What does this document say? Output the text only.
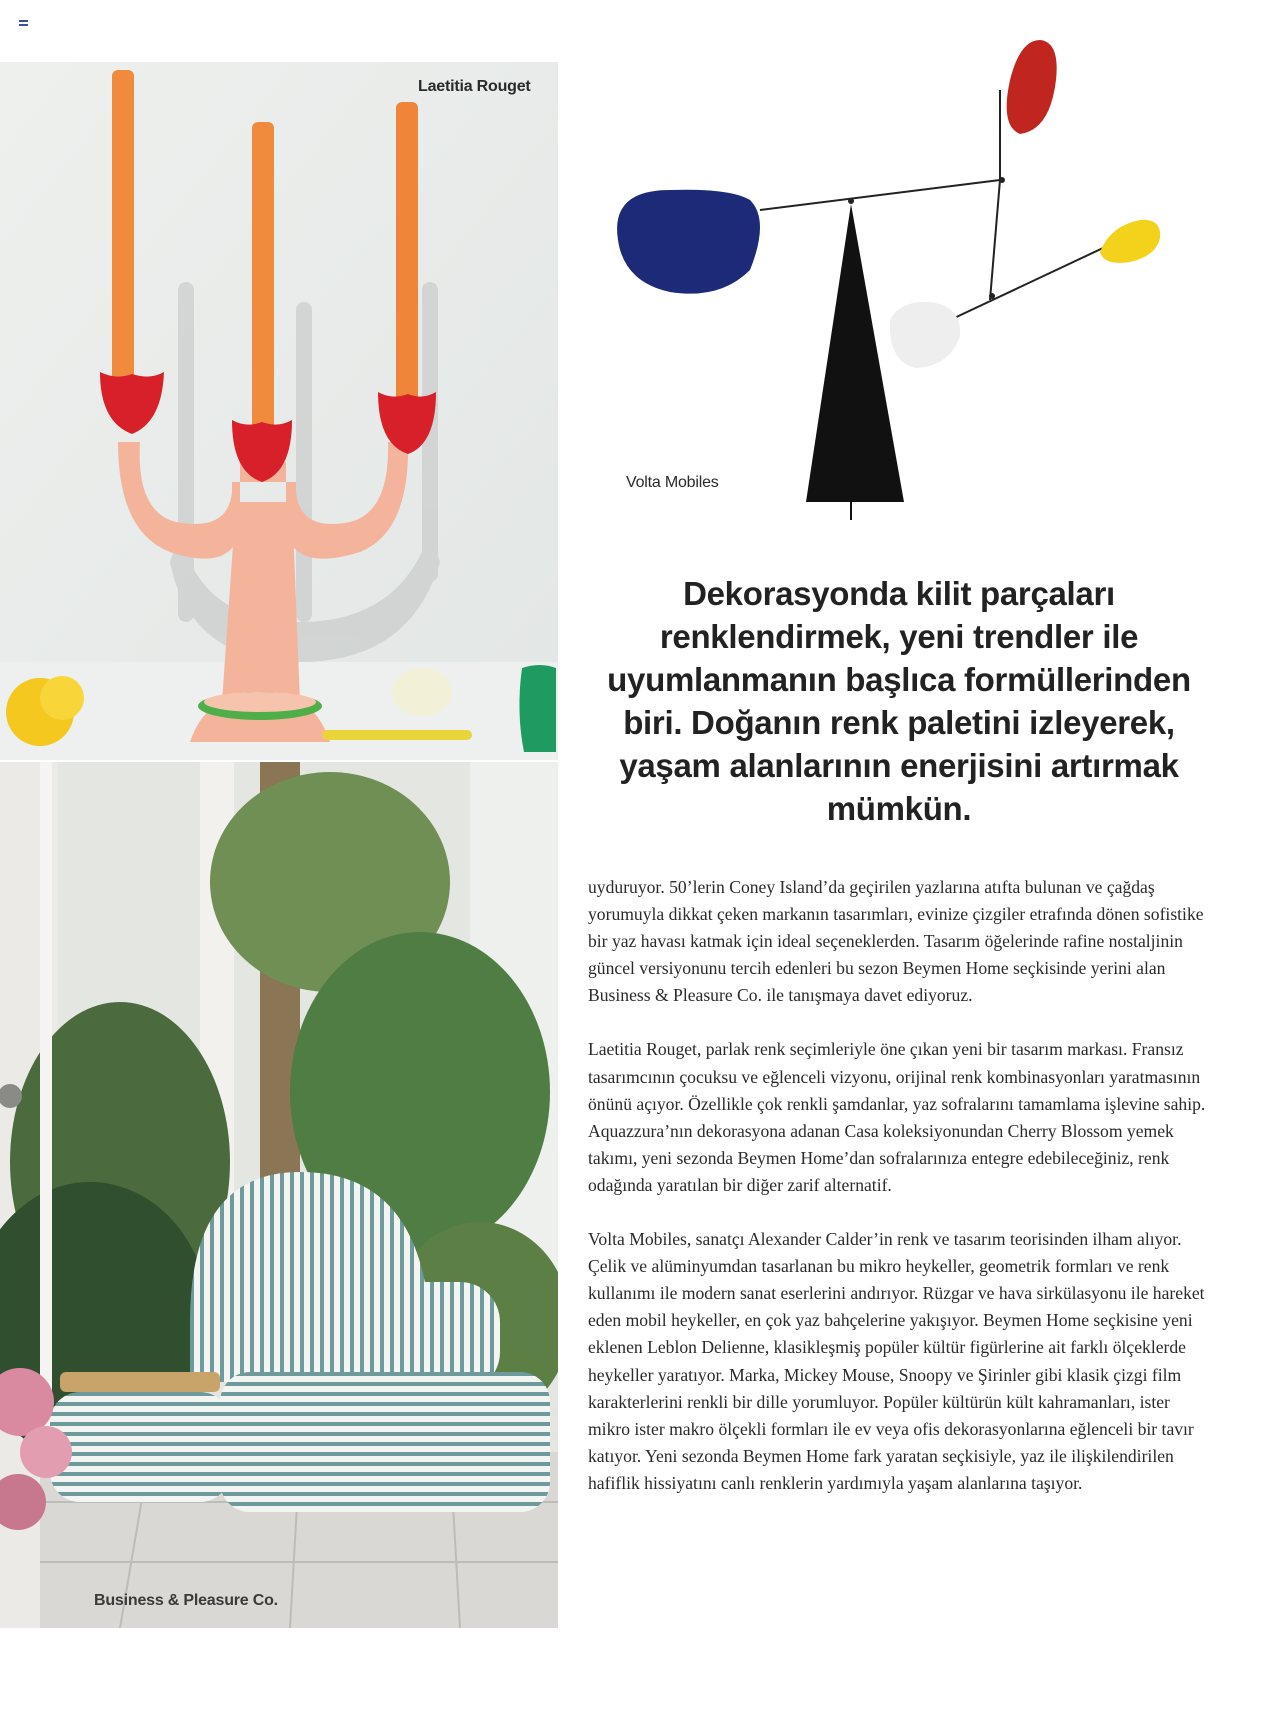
Laetitia Rouget
Business & Pleasure Co.
Volta Mobiles
Dekorasyonda kilit parçaları renklendirmek, yeni trendler ile uyumlanmanın başlıca formüllerinden biri. Doğanın renk paletini izleyerek, yaşam alanlarının enerjisini artırmak mümkün.

uyduruyor. 50’lerin Coney Island’da geçirilen yazlarına atıfta bulunan ve çağdaş yorumuyla dikkat çeken markanın tasarımları, evinize çizgiler etrafında dönen sofistike bir yaz havası katmak için ideal seçeneklerden. Tasarım öğelerinde rafine nostaljinin güncel versiyonunu tercih edenleri bu sezon Beymen Home seçkisinde yerini alan Business & Pleasure Co. ile tanışmaya davet ediyoruz.

Laetitia Rouget, parlak renk seçimleriyle öne çıkan yeni bir tasarım markası. Fransız tasarımcının çocuksu ve eğlenceli vizyonu, orijinal renk kombinasyonları yaratmasının önünü açıyor. Özellikle çok renkli şamdanlar, yaz sofralarını tamamlama işlevine sahip. Aquazzura’nın dekorasyona adanan Casa koleksiyonundan Cherry Blossom yemek takımı, yeni sezonda Beymen Home’dan sofralarınıza entegre edebileceğiniz, renk odağında yaratılan bir diğer zarif alternatif.

Volta Mobiles, sanatçı Alexander Calder’in renk ve tasarım teorisinden ilham alıyor. Çelik ve alüminyumdan tasarlanan bu mikro heykeller, geometrik formları ve renk kullanımı ile modern sanat eserlerini andırıyor. Rüzgar ve hava sirkülasyonu ile hareket eden mobil heykeller, en çok yaz bahçelerine yakışıyor. Beymen Home seçkisine yeni eklenen Leblon Delienne, klasikleşmiş popüler kültür figürlerine ait farklı ölçeklerde heykeller yaratıyor. Marka, Mickey Mouse, Snoopy ve Şirinler gibi klasik çizgi film karakterlerini renkli bir dille yorumluyor. Popüler kültürün kült kahramanları, ister mikro ister makro ölçekli formları ile ev veya ofis dekorasyonlarına eğlenceli bir tavır katıyor. Yeni sezonda Beymen Home fark yaratan seçkisiyle, yaz ile ilişkilendirilen hafiflik hissiyatını canlı renklerin yardımıyla yaşam alanlarına taşıyor.
